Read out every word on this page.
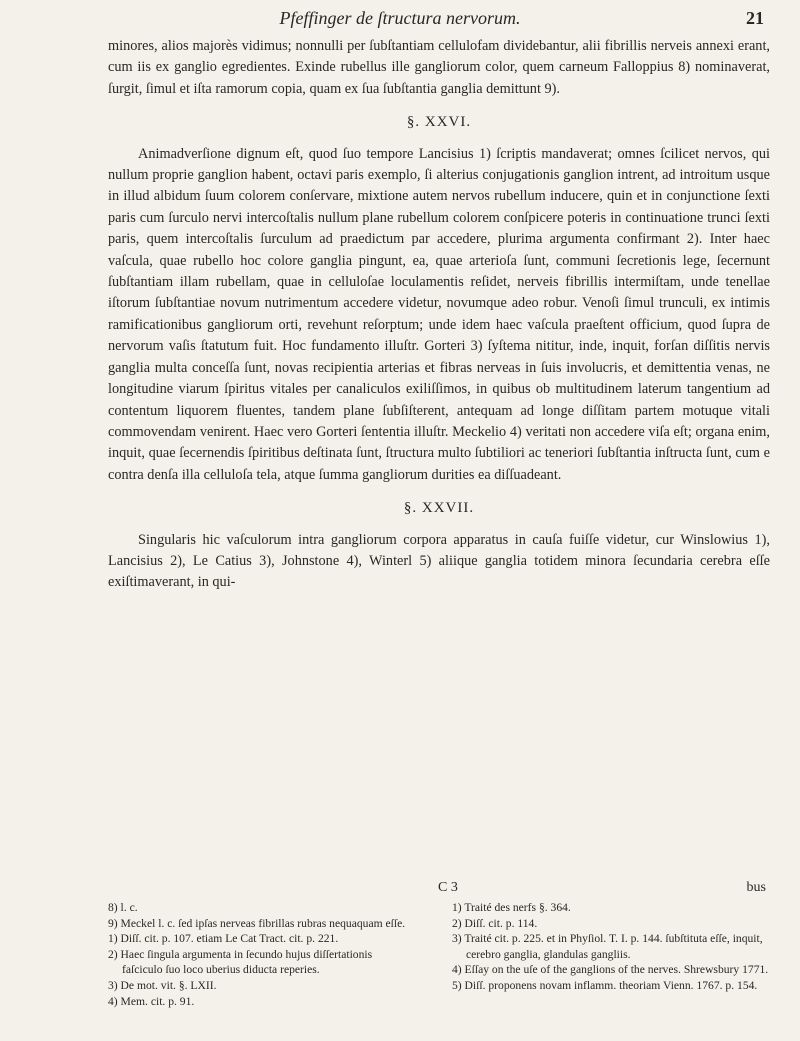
Pfeffinger de ſtructura nervorum.	21

minores, alios majorès vidimus; nonnulli per ſubſtantiam cellulofam dividebantur, alii fibrillis nerveis annexi erant, cum iis ex ganglio egredientes. Exinde rubellus ille gangliorum color, quem carneum Falloppius 8) nominaverat, ſurgit, ſimul et iſta ramorum copia, quam ex ſua ſubſtantia ganglia demittunt 9).

§. XXVI.

Animadverſione dignum eſt, quod ſuo tempore Lancisius 1) ſcriptis mandaverat; omnes ſcilicet nervos, qui nullum proprie ganglion habent, octavi paris exemplo, ſi alterius conjugationis ganglion intrent, ad introitum usque in illud albidum ſuum colorem conſervare, mixtione autem nervos rubellum inducere, quin et in conjunctione ſexti paris cum ſurculo nervi intercoſtalis nullum plane rubellum colorem conſpicere poteris in continuatione trunci ſexti paris, quem intercoſtalis ſurculum ad praedictum par accedere, plurima argumenta confirmant 2). Inter haec vaſcula, quae rubello hoc colore ganglia pingunt, ea, quae arterioſa ſunt, communi ſecretionis lege, ſecernunt ſubſtantiam illam rubellam, quae in celluloſae loculamentis reſidet, nerveis fibrillis intermiſtam, unde tenellae iſtorum ſubſtantiae novum nutrimentum accedere videtur, novumque adeo robur. Venoſi ſimul trunculi, ex intimis ramificationibus gangliorum orti, revehunt reſorptum; unde idem haec vaſcula praeſtent officium, quod ſupra de nervorum vaſis ſtatutum fuit. Hoc fundamento illuſtr. Gorteri 3) ſyſtema nititur, inde, inquit, forſan diſſitis nervis ganglia multa conceſſa ſunt, novas recipientia arterias et fibras nerveas in ſuis involucris, et demittentia venas, ne longitudine viarum ſpiritus vitales per canaliculos exiliſſimos, in quibus ob multitudinem laterum tangentium ad contentum liquorem fluentes, tandem plane ſubſiſterent, antequam ad longe diſſitam partem motuque vitali commovendam venirent. Haec vero Gorteri ſententia illuſtr. Meckelio 4) veritati non accedere viſa eſt; organa enim, inquit, quae ſecernendis ſpiritibus deſtinata ſunt, ſtructura multo ſubtiliori ac teneriori ſubſtantia inſtructa ſunt, cum e contra denſa illa celluloſa tela, atque ſumma gangliorum durities ea diſſuadeant.

§. XXVII.

Singularis hic vaſculorum intra gangliorum corpora apparatus in cauſa fuiſſe videtur, cur Winslowius 1), Lancisius 2), Le Catius 3), Johnstone 4), Winterl 5) aliique ganglia totidem minora ſecundaria cerebra eſſe exiſtimaverant, in qui-

C 3	bus
8) l. c.
9) Meckel l. c. ſed ipſas nerveas fibrillas rubras nequaquam eſſe.
1) Diſſ. cit. p. 107. etiam Le Cat Tract. cit. p. 221.
2) Haec ſingula argumenta in ſecundo hujus diſſertationis faſciculo ſuo loco uberius diducta reperies.
3) De mot. vit. §. LXII.
4) Mem. cit. p. 91.
1) Traité des nerfs §. 364.
2) Diſſ. cit. p. 114.
3) Traité cit. p. 225. et in Phyſiol. T. I. p. 144. ſubſtituta eſſe, inquit, cerebro ganglia, glandulas gangliis.
4) Eſſay on the uſe of the ganglions of the nerves. Shrewsbury 1771.
5) Diſſ. proponens novam inflamm. theoriam Vienn. 1767. p. 154.
